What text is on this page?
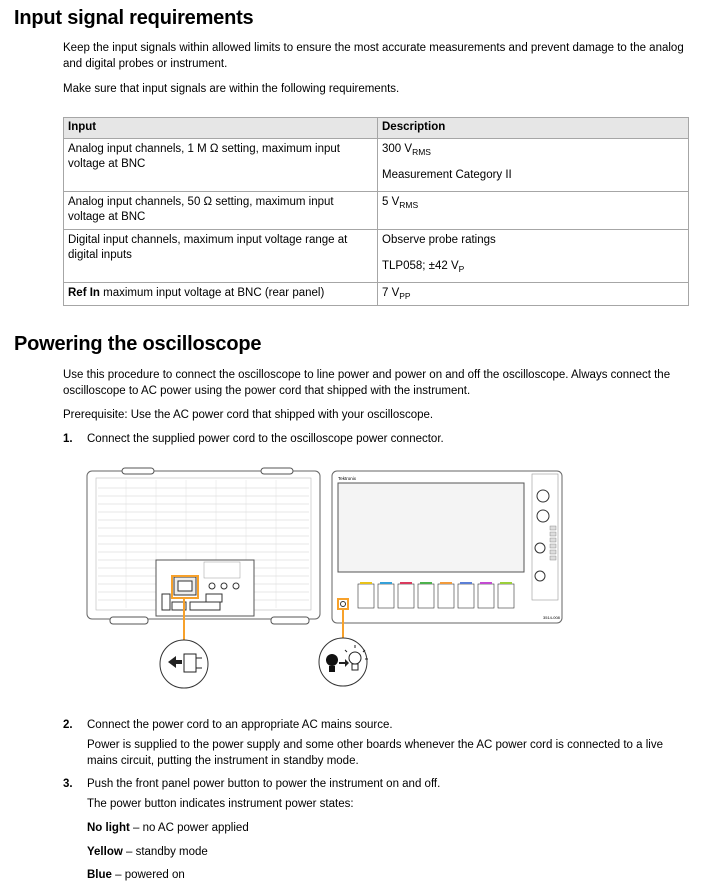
Input signal requirements

Keep the input signals within allowed limits to ensure the most accurate measurements and prevent damage to the analog and digital probes or instrument.

Make sure that input signals are within the following requirements.

Input	Description
Analog input channels, 1 M Ω setting, maximum input voltage at BNC	300 $V_{RMS}$
Measurement Category II

Analog input channels, 50 Ω setting, maximum input voltage at BNC	5 $V_{RMS}$
Digital input channels, maximum input voltage range at digital inputs	Observe probe ratings
TLP058; ±42 $V_P$

Ref In maximum input voltage at BNC (rear panel)	7 $V_{PP}$
Powering the oscilloscope

Use this procedure to connect the oscilloscope to line power and power on and off the oscilloscope. Always connect the oscilloscope to AC power using the power cord that shipped with the instrument.

Prerequisite: Use the AC power cord that shipped with your oscilloscope.

1. Connect the supplied power cord to the oscilloscope power connector.

Tektronix
3514-008
2. Connect the power cord to an appropriate AC mains source.

Power is supplied to the power supply and some other boards whenever the AC power cord is connected to a live mains circuit, putting the instrument in standby mode.

3. Push the front panel power button to power the instrument on and off.

The power button indicates instrument power states:

No light – no AC power applied

Yellow – standby mode

Blue – powered on
